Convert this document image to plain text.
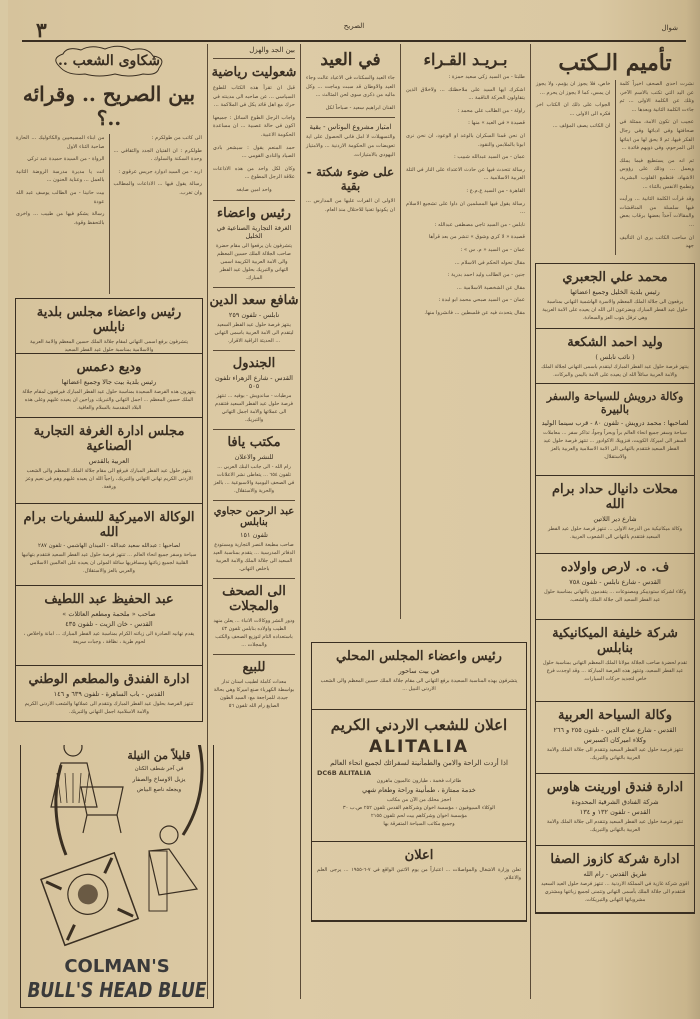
٣	الصريح	شوال
تأميم الـكتب

نشرت احدى الصحف اخيراً كلمة عن اليد التي تكتب بالاسم الآخر، وتلك عن الكلمة الاولى ... ثم جاءت الكلمة الثانية وبعدها ...

عجيب ان تكون الامة، ممثلة في صحافتها وفي ادبائها وفي رجال الفكر فيها، ثم لا يحق لها من ابنائها الى المرحوم، وفي ذويهم فائدة ...

ثم انه من يستطيع فيما يملك ويعمل ... وذلك على رؤوس الاشهاد، فتطمع القلوب البشرية، وتطمح الانفس بالثناء ...

وقد قرأت الكلمة الثانية ... ورأيت فيها سلسلة من المناقشات والمقالات آخذاً بعضها برقاب بعض ...

ان ساحب الكاتب يرى ان التأليف جهد

خاص، فلا يجوز ان يؤمم، ولا يجوز ان يمس، كما لا يجوز ان يحرم ...

الجواب على ذلك ان الكتاب اخر فكره الى الاولى ...

ان الكاتب يصف المؤلف ...

محمد علي الجعبري
رئيس بلدية الخليل وجميع اعضائها
يرفعون الى جلالة الملك المعظم والاسرة الهاشمية التهاني بمناسبة حلول عيد الفطر المبارك ويضرعون الى الله ان يعيده على الامة العربية وهي ترفل بثوب العز والسعادة.
وليد احمد الشكعة
( نائب نابلس )
ينتهز فرصة حلول عيد الفطر المبارك ليتقدم باسمى التهاني لجلالة الملك والامة العربية سائلاً الله ان يعيده على الامة باليمن والبركات.
وكالة درويش للسياحة والسفر بالبيرة
لصاحبها : محمد درويش - تلفون ٨٠ - قرب سينما الوليد
سياحة وسفر جميع انحاء العالم براً وبحراً وجواً، تذاكر سفر ... معاملات السفر الى اميركا، الكويت، فنزويلا، الاكوادور ... تنتهز فرصة حلول عيد الفطر السعيد فتتقدم بالتهاني الى الامة الاسلامية والعربية بالعز والاستقلال.
محلات دانيال حداد برام الله
شارع دير اللاتين
وكالة ميكانيكية من الدرجة الاولى ... تنتهز فرصة حلول عيد الفطر السعيد فتتقدم بالتهاني الى الشعوب العربية.
ف. ه. لارص واولاده
القدس - شارع نابلس - تلفون ٧٥٨
وكلاء لشركة ستوديبكر ومصنوعات ... يتقدمون بالتهاني بمناسبة حلول عيد الفطر السعيد الى جلالة الملك والشعب.
شركة خليفة الميكانيكية بنابلس
تقدم لحضرة صاحب الجلالة مولانا الملك المعظم التهاني بمناسبة حلول عيد الفطر السعيد، وتنتهز هذه الفرصة المباركة ... وقد اوجدت فرع خاص لتجديد حركات السيارات.
وكالة السياحة العربية
القدس - شارع صلاح الدين - تلفون ٢٥٥ و ٢٦٦
وكلاء اميركان اكسبرس
تنتهز فرصة حلول عيد الفطر السعيد وتتقدم الى جلالة الملك والامة العربية بالتهاني والتبريك.
ادارة فندق اورينت هاوس
شركة الفنادق الشرقية المحدودة
القدس - تلفون ١٣٢ و ١٣٤
تنتهز فرصة حلول عيد الفطر السعيد وتتقدم الى جلالة الملك والامة العربية بالتهاني والتبريك.
ادارة شركة كازوز الصفا
طريق القدس - رام الله
اقوى شركة غازية في المملكة الاردنية ... تنتهز فرصة حلول العيد السعيد فتتقدم الى جلالة الملك بأسمى التهاني وتتمنى لجميع زبائنها ومشتري مشروباتها التهاني والتبريكات.
بـريـد القـراء

طلبتا - من السيد زكي سعيد حمزة :

اشكرك ايها السيد على ملاحظتك ... ولاخلاق الذين يتقاولون الحركة الناقمة ...

راولة - من الطالب علي محمد :

قصيدة « في العيد » منها :

ان نحن قمنا السكران بالوعد او الوعود، ان نحن نرى ابونا بالملابس والنقود.

عمان - من السيد عبدالله شبيب :

رسالة تتحدث فيها عن حادث الاعتداء على النار في التلة الغربية الاسلامية ...

القاهرة - من السيد ع.م.ع :

رسالة يقول فيها المسلمين ان داوا على تشجيع الاسلام ...

نابلس - من السيد تاجي مصطفى عبدالله :

قصيدة « لا كري وشوق » تنشر من بعد قرأها

عمان - من السيد « م. س » :

مقال تحوله الحكم في الاسلام ...

جنين - من الطالب وليد احمد بدرية :

مقال عن الشخصية الاسلامية ...

عمان - من السيد صبحي محمد ابو لبدة :

مقال يتحدث فيه عن فلسطين ... فانشروا منها.

في العيد

جاء العيد والسكتات في الاعياد عالت وجاء العيد والاوطان قد سبت وماجت ... وكل ماليه من ذكرى سوى لحن المثالث ...

الفنان ابراهيم سعيد - صباحاً لكل

امتياز مشروع البوتاس - بقية

والتسهيلات لا امل فاني الحصول على اية تعويضات من الحكومة الاردنية ... والامتياز اليهودي بالامتيازات.

على ضوء شكتة - بقية

الاولى ان الفرات عليها من المدارس ... ان يكونوا تغنيا للاحتلال منذ العام.

رئيس واعضاء المجلس المحلي
في بيت ساحور
يتشرفون بهذه المناسبة السعيدة برفع التهاني الى مقام جلالة الملك حسين المعظم والى الشعب الاردني النبيل ...
اعلان للشعب الاردني الكريم
ALITALIA
اذا أردت الراحة والامن والطمأنينة لسفرائك لجميع انحاء العالم
DC6B ALITALIA
طائرات فخمة ، طيارون عالميون ماهرون
خدمة ممتازة ، طمأنينة وراحة وطعام شهي
احجز محلك من الآن من مكاتب
الوكلاء السيوفيون : مؤسسة اخوان وشركاهم القدس تلفون ٢٥٢ ص.ب ٣٠
مؤسسة اخوان وشركاهم بيت لحم تلفون ٢١٥٥
وجميع مكاتب السياحة المتفرقة بها
اعلان
تعلن وزارة الاشغال والمواصلات ... اعتباراً من يوم الاثنين الواقع في ٧-٦-١٩٥٥ ... يرجى العلم والاعلام.
بين الجد والهزل
شعوليت رياضية

قبل ان تقرأ هذه الكتاب للطوع السياسي ... عن صاحبه الى مدينته في حرك مع اهل قائد يكل في الملاكمة ...

واجاب الرجل الطوع السائل : جميعها اكون في حالة عصبية ... ان مساعدة الحكومة الاعبية.

حمد المنعم يقول : سيشعر بادي الصياد والنادي القومي ...

وكان لكل واحد من هذه الاذاعات علاقة الرجل المطوع ...

واحد امين صابغه

رئيس واعضاء
الغرفة التجارية الصناعية في الخليل
يتشرفون بان يرفعوا الى مقام حضرة صاحب الجلالة الملك حسين المعظم والى الامة العربية الكريمة اسمى التهاني والتبريك بحلول عيد الفطر المبارك.
شافع سعد الدين
نابلس - تلفون ٢٥٩
ينتهز فرصة حلول عيد الفطر السعيد ليتقدم الى الامة العربية باسمى التهاني ... الحديثة الراقية الاقرار.
الجندول
القدس - شارع الزهراء تلفون ٥٠٥
مرطبات - ساندويش - بوفيه ... تنتهز فرصة حلول عيد الفطر السعيد فتتقدم الى عملائها والامة اجمل التهاني والتبريك.
مكتب يافا
للنشر والاعلان
رام الله - الى جانب البنك العربي ... تلفون ٦٥٤ ... يتعاطى نشر الاعلانات في الصحف اليومية والاسبوعية ... بالعز والحرية والاستقلال.
عبد الرحمن حجاوي بنابلس
تلفون ١٥١
صاحب مطبعة النصر التجارية ومستودع الدفاتر المدرسية ... يتقدم بمناسبة العيد السعيد الى جلالة الملك والامة العربية باخلص التهاني.
الى الصحف والمجلات
ودور النشر ووكالات الانباء ... يعلن منهد الطيب واولاده بنابلس تلفون ٤٣ باستعداده التام لتوزيع الصحف والكتب والمجلات ...
للبيع
معدات كاملة لطبيب اسنان تدار بواسطة الكهرباء صنع اميركا وهي بحالة جيدة، للمراجعة مع: السيد الطون الصايغ رام الله تلفون ٥٦
شكاوى الشعب ..
بين الصريح .. وقرائه ..؟

الى كاتب من طولكرم :

طولكرم : ان الفتيان الجدد والثقافي ... وحدة السكنة والسلوك .

اربد - من السيد ادوارد جريس عرقوي :

رسالة يقول فيها ... الاذاعات والمطالب وان تغرب.

من ابناء المسيحيين والكاثوليك ... الحارة صاحبة الثناء الاول

الرواة - من السيدة حميدة عبد تركي

انت يا مديرة مدرسة الروضة الثانية بالعمل ... وعناية الحنون ...

بيت حانينا - من الطالب يوسف عبد الله عودة

رسالة يشكو فيها من طبيب ... واخرى بالتحفظ وقوة.

رئيس واعضاء مجلس بلدية نابلس
يتشرفون برفع اسمى التهاني لمقام جلالة الملك حسين المعظم والامة العربية والاسلامية بمناسبة حلول عيد الفطر السعيد
وديع دعمس
رئيس بلدية بيت جالا وجميع اعضائها
ينتهزون هذه الفرصة السعيدة بمناسبة حلول عيد الفطر المبارك فيرفعون لمقام جلالة الملك حسين المعظم ... اجمل التهاني والتبريك، وراجين ان يعيده عليهم وعلى هذه البلاد المقدسة بالسلام والعافية.
مجلس ادارة الغرفة التجارية الصناعية
العربية بالقدس
ينتهز حلول عيد الفطر المبارك فيرفع الى مقام جلالة الملك المعظم والى الشعب الاردني الكريم تهاني التهاني والتبريك، راجياً الله ان يعيده عليهم وهم في نعيم وعز ورفعة.
الوكالة الاميركية للسفريات برام الله
لصاحبها : عبدالله سعيد عبدالله - الميدان الهاشمي - تلفون ٢٨٧
سياحة وسفر جميع انحاء العالم ... تنتهز فرصة حلول عيد الفطر السعيد فتتقدم بتهانيها القلبية لجميع زبائنها ومسافريها سائلة المولى ان يعيده على العالمين الاسلامي والعربي بالعز والاستقلال.
عبد الحفيظ عبد اللطيف
صاحب « ملحمة ومطعم العائلات »
القدس - خان الزيت - تلفون ٤٣٥
يقدم تهانيه الصادرة الى زبائنه الكرام بمناسبة عيد الفطر المبارك ... امانة واخلاص ، لحوم طرية ، نظافة ، وجبات سريعة
ادارة الفندق والمطعم الوطني
القدس - باب الساهرة - تلفون ٦٣٩ و ١٤٦
تنتهز الفرصة بحلول عيد الفطر المبارك وتتقدم الى عملائها والشعب الاردني الكريم والامة الاسلامية اجمل التهاني والتبريك.
قليلاً من النيلة
في آخر شطف الكتان
يزيل الاوساخ والصفار
ويجعله ناصع البياض
COLMAN'S
BULL'S HEAD BLUE
